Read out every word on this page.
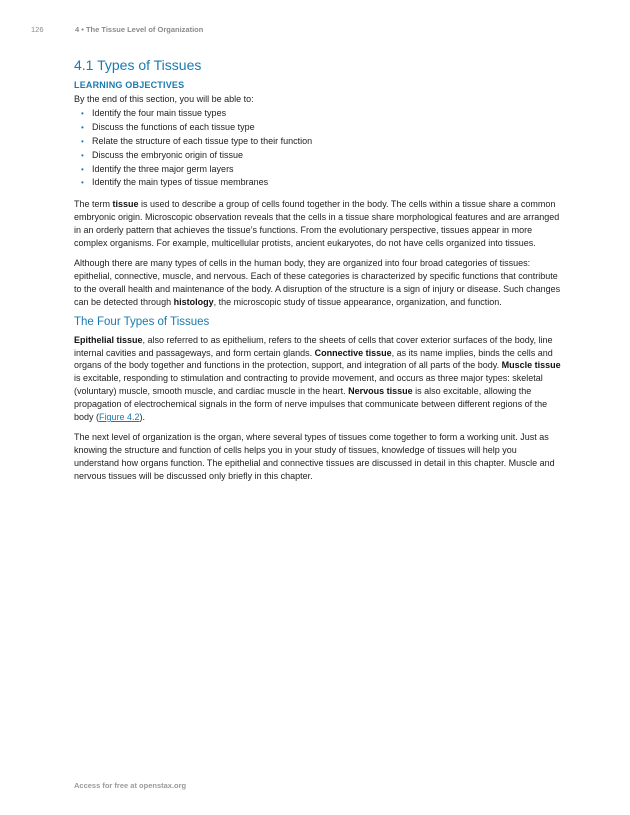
126	4 • The Tissue Level of Organization
4.1 Types of Tissues
LEARNING OBJECTIVES

By the end of this section, you will be able to:

• Identify the four main tissue types
• Discuss the functions of each tissue type
• Relate the structure of each tissue type to their function
• Discuss the embryonic origin of tissue
• Identify the three major germ layers
• Identify the main types of tissue membranes

The term tissue is used to describe a group of cells found together in the body. The cells within a tissue share a common embryonic origin. Microscopic observation reveals that the cells in a tissue share morphological features and are arranged in an orderly pattern that achieves the tissue’s functions. From the evolutionary perspective, tissues appear in more complex organisms. For example, multicellular protists, ancient eukaryotes, do not have cells organized into tissues.

Although there are many types of cells in the human body, they are organized into four broad categories of tissues: epithelial, connective, muscle, and nervous. Each of these categories is characterized by specific functions that contribute to the overall health and maintenance of the body. A disruption of the structure is a sign of injury or disease. Such changes can be detected through histology, the microscopic study of tissue appearance, organization, and function.

The Four Types of Tissues

Epithelial tissue, also referred to as epithelium, refers to the sheets of cells that cover exterior surfaces of the body, line internal cavities and passageways, and form certain glands. Connective tissue, as its name implies, binds the cells and organs of the body together and functions in the protection, support, and integration of all parts of the body. Muscle tissue is excitable, responding to stimulation and contracting to provide movement, and occurs as three major types: skeletal (voluntary) muscle, smooth muscle, and cardiac muscle in the heart. Nervous tissue is also excitable, allowing the propagation of electrochemical signals in the form of nerve impulses that communicate between different regions of the body (Figure 4.2).

The next level of organization is the organ, where several types of tissues come together to form a working unit. Just as knowing the structure and function of cells helps you in your study of tissues, knowledge of tissues will help you understand how organs function. The epithelial and connective tissues are discussed in detail in this chapter. Muscle and nervous tissues will be discussed only briefly in this chapter.

Access for free at openstax.org
